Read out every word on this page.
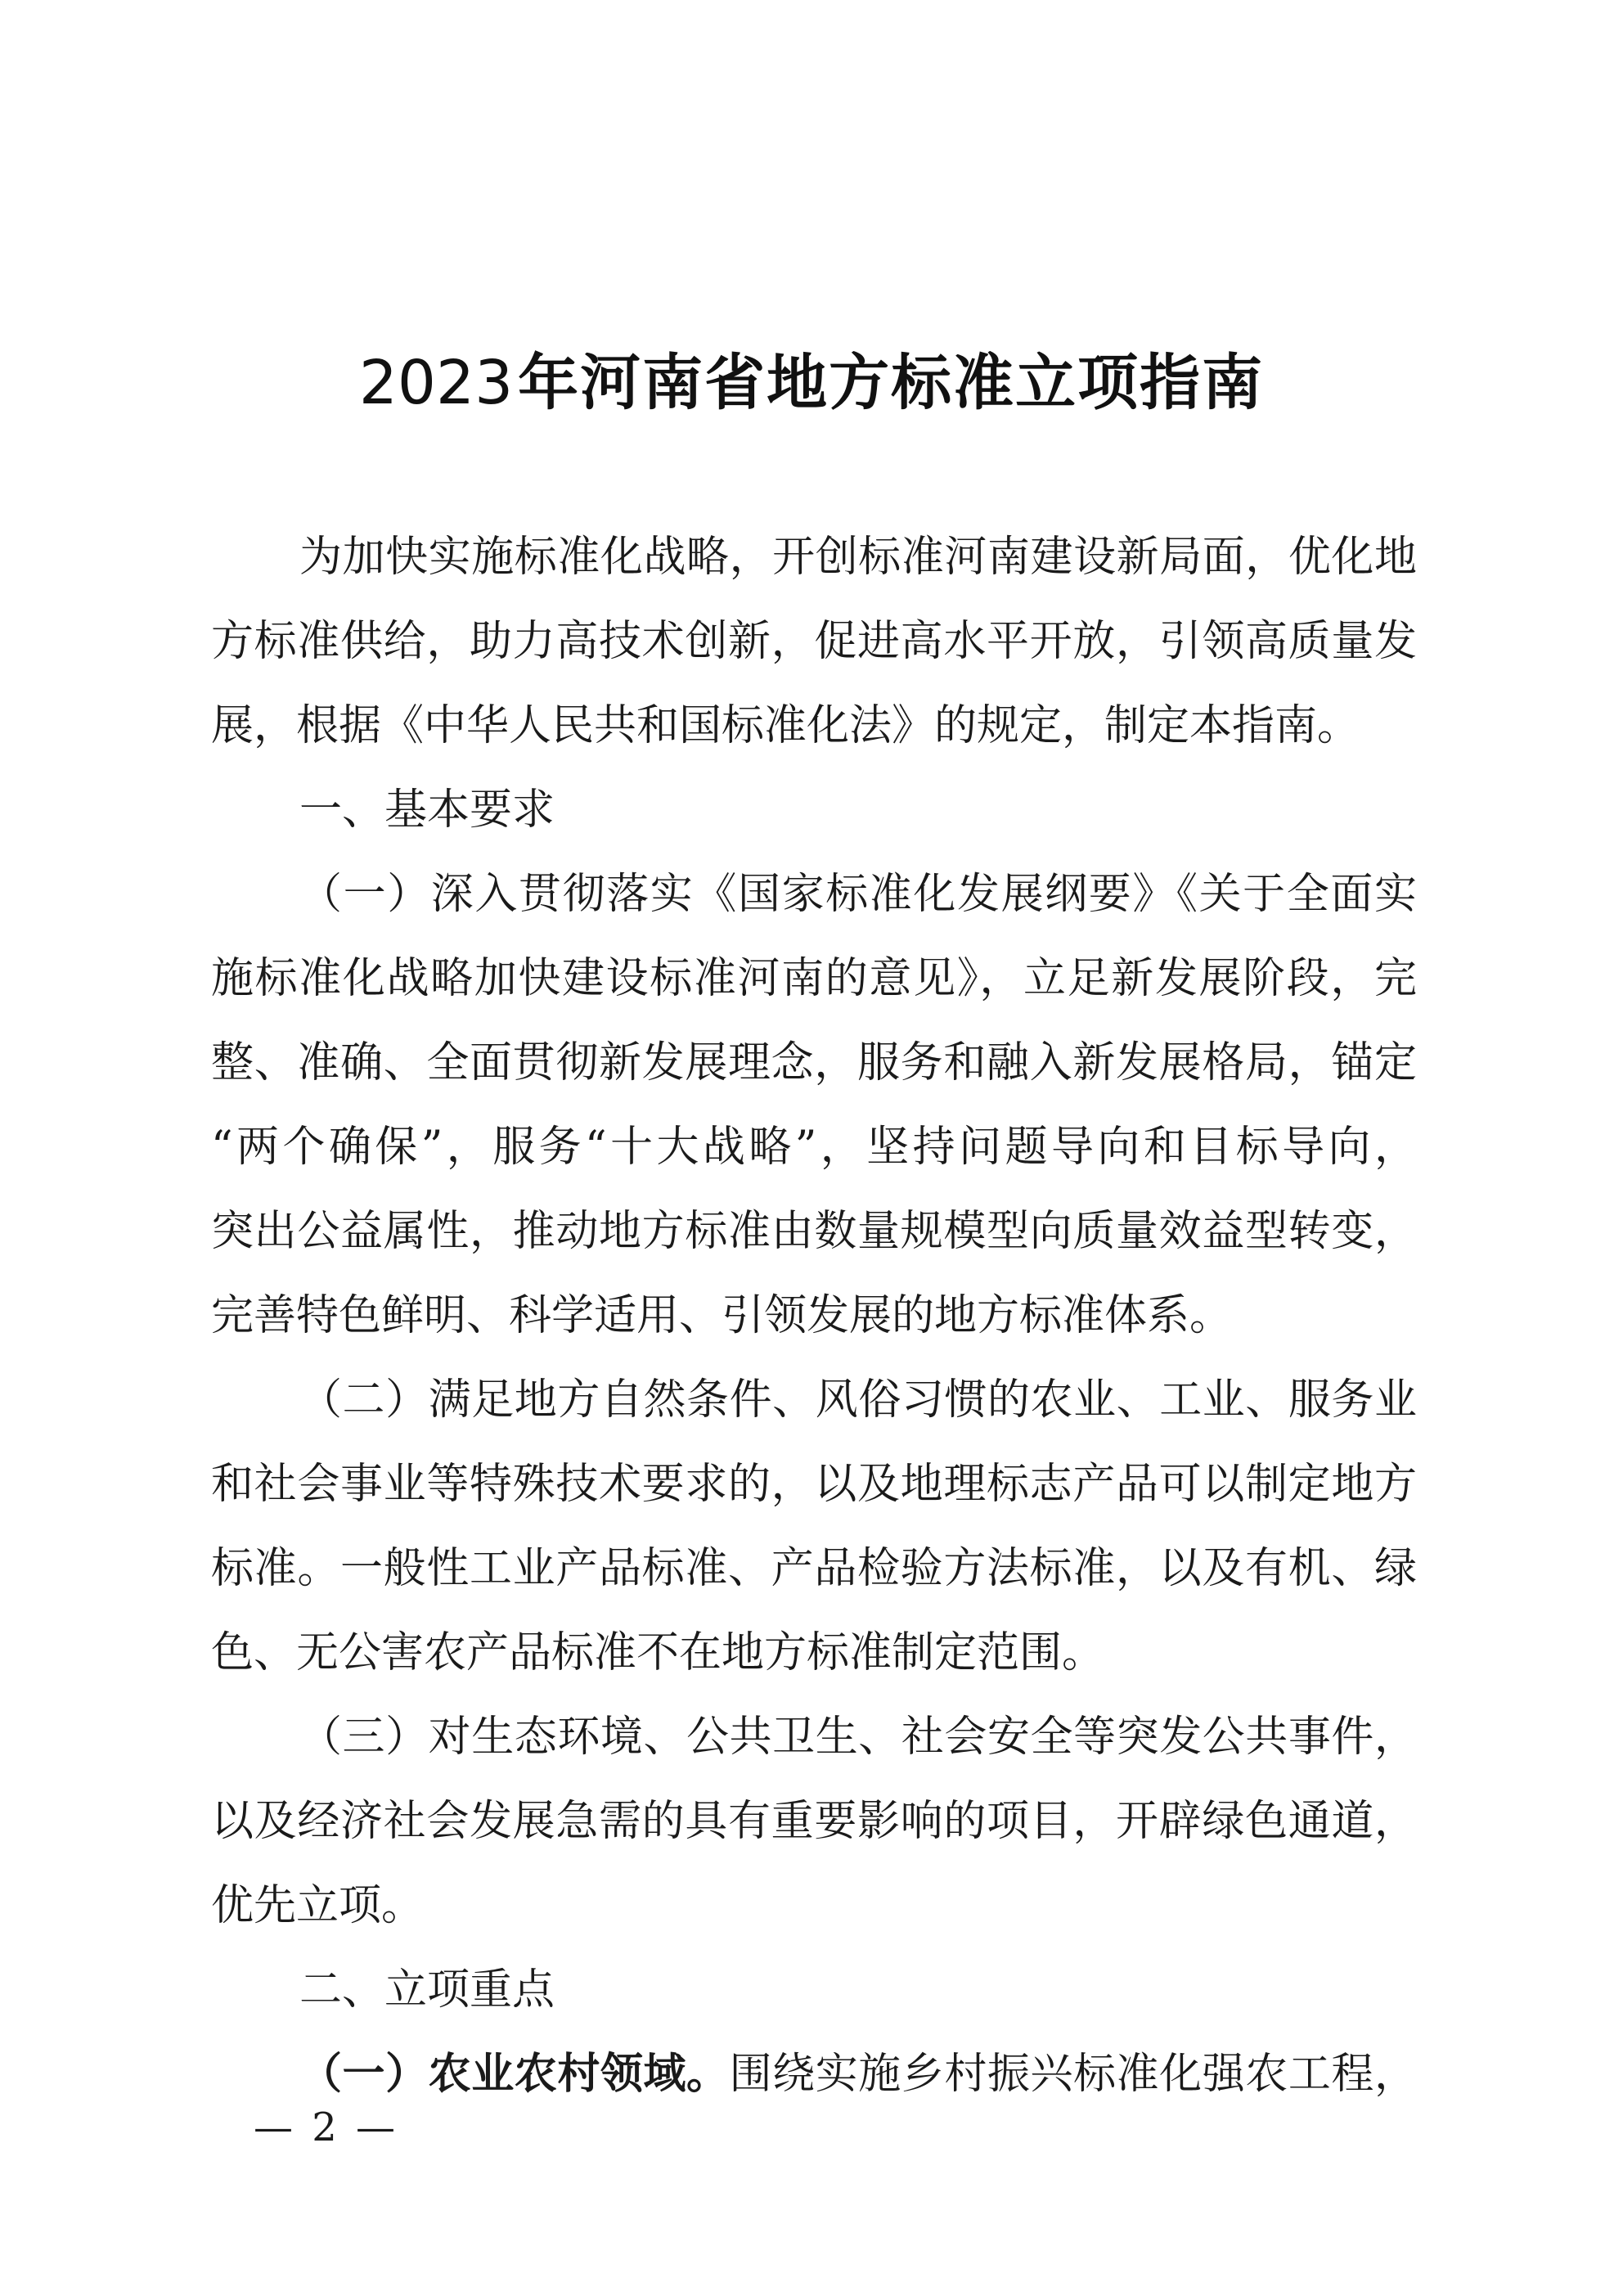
2023年河南省地方标准立项指南
为加快实施标准化战略，开创标准河南建设新局面，优化地
方标准供给，助力高技术创新，促进高水平开放，引领高质量发
展，根据《中华人民共和国标准化法》的规定，制定本指南。
一、基本要求
（一）深入贯彻落实《国家标准化发展纲要》《关于全面实
施标准化战略加快建设标准河南的意见》，立足新发展阶段，完
整、准确、全面贯彻新发展理念，服务和融入新发展格局，锚定
“两个确保”，服务“十大战略”，坚持问题导向和目标导向，
突出公益属性，推动地方标准由数量规模型向质量效益型转变，
完善特色鲜明、科学适用、引领发展的地方标准体系。
（二）满足地方自然条件、风俗习惯的农业、工业、服务业
和社会事业等特殊技术要求的，以及地理标志产品可以制定地方
标准。一般性工业产品标准、产品检验方法标准，以及有机、绿
色、无公害农产品标准不在地方标准制定范围。
（三）对生态环境、公共卫生、社会安全等突发公共事件，
以及经济社会发展急需的具有重要影响的项目，开辟绿色通道，
优先立项。
二、立项重点
（一）农业农村领域。围绕实施乡村振兴标准化强农工程，
— 2 —
